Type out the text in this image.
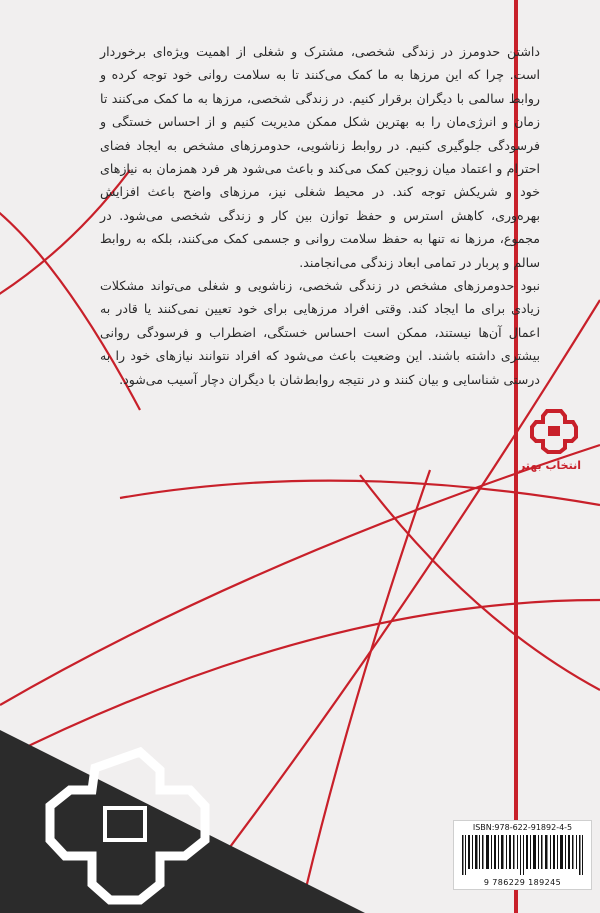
داشتن حدومرز در زندگی شخصی، مشترک و شغلی از اهمیت ویژه‌ای برخوردار است. چرا که این مرزها به ما کمک می‌کنند تا به سلامت روانی خود توجه کرده و روابط سالمی با دیگران برقرار کنیم. در زندگی شخصی، مرزها به ما کمک می‌کنند تا زمان و انرژی‌مان را به بهترین شکل ممکن مدیریت کنیم و از احساس خستگی و فرسودگی جلوگیری کنیم. در روابط زناشویی، حدومرزهای مشخص به ایجاد فضای احترام و اعتماد میان زوجین کمک می‌کند و باعث می‌شود هر فرد همزمان به نیازهای خود و شریکش توجه کند. در محیط شغلی نیز، مرزهای واضح باعث افزایش بهره‌وری، کاهش استرس و حفظ توازن بین کار و زندگی شخصی می‌شود. در مجموع، مرزها نه تنها به حفظ سلامت روانی و جسمی کمک می‌کنند، بلکه به روابط سالم و پربار در تمامی ابعاد زندگی می‌انجامند.

نبود حدومرزهای مشخص در زندگی شخصی، زناشویی و شغلی می‌تواند مشکلات زیادی برای ما ایجاد کند. وقتی افراد مرزهایی برای خود تعیین نمی‌کنند یا قادر به اعمال آن‌ها نیستند، ممکن است احساس خستگی، اضطراب و فرسودگی روانی بیشتری داشته باشند. این وضعیت باعث می‌شود که افراد نتوانند نیازهای خود را به درستی شناسایی و بیان کنند و در نتیجه روابط‌شان با دیگران دچار آسیب می‌شود.

انتخاب بهتر
ISBN:978-622-91892-4-5
9 786229 189245
